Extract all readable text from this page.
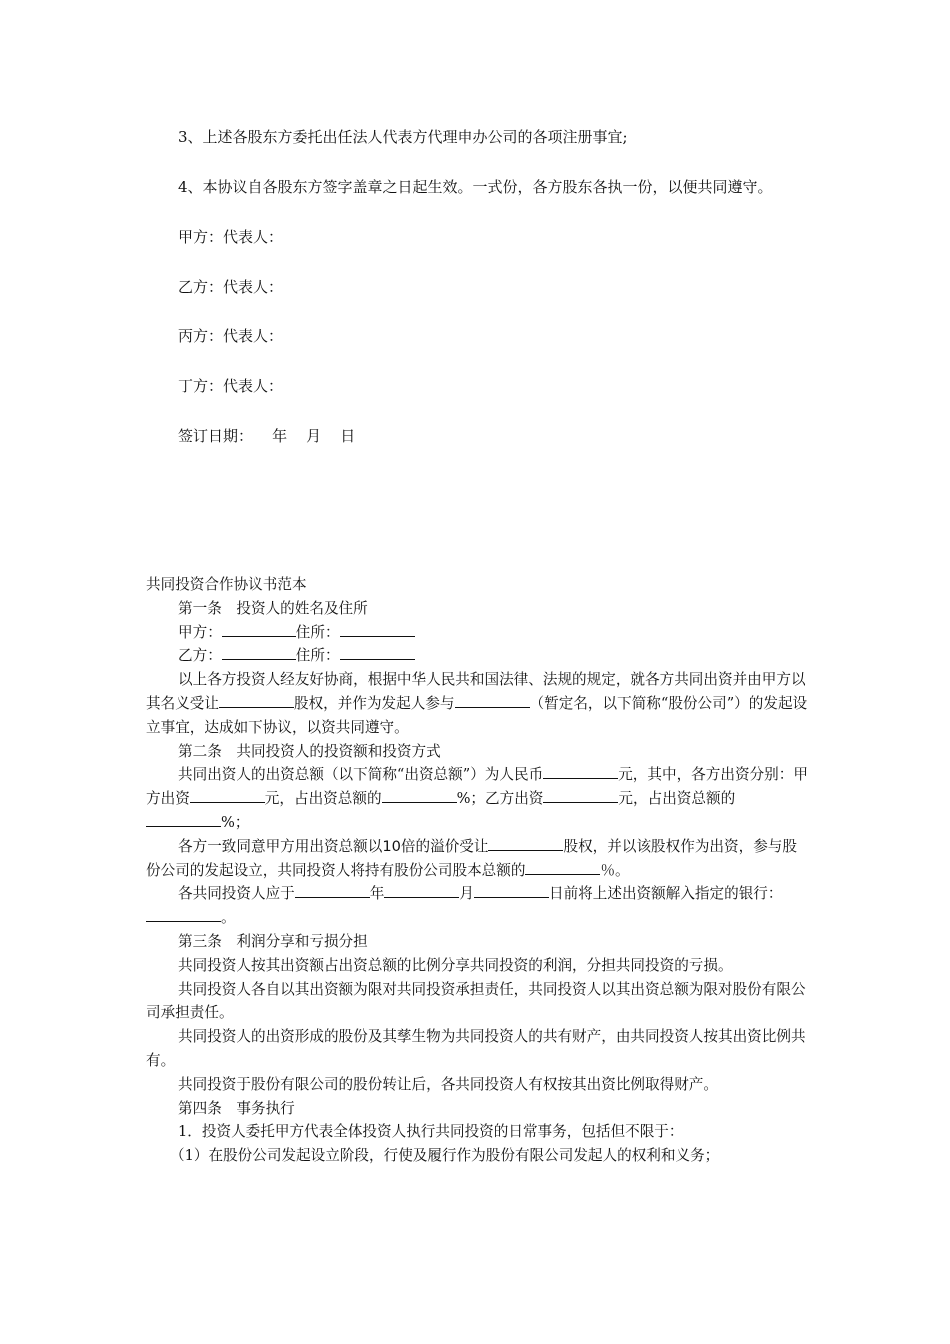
3、上述各股东方委托出任法人代表方代理申办公司的各项注册事宜;

4、本协议自各股东方签字盖章之日起生效。一式份，各方股东各执一份，以便共同遵守。

甲方：代表人：

乙方：代表人：

丙方：代表人：

丁方：代表人：

签订日期：    年    月    日

共同投资合作协议书范本

第一条　投资人的姓名及住所

甲方：	住所：

乙方：	住所：

以上各方投资人经友好协商，根据中华人民共和国法律、法规的规定，就各方共同出资并由甲方以其名义受让	股权，并作为发起人参与	（暂定名，以下简称“股份公司”）的发起设立事宜，达成如下协议，以资共同遵守。

第二条　共同投资人的投资额和投资方式

共同出资人的出资总额（以下简称“出资总额”）为人民币	元，其中，各方出资分别：甲方出资	元，占出资总额的	%；乙方出资	元，占出资总额的%；

各方一致同意甲方用出资总额以10倍的溢价受让	股权，并以该股权作为出资，参与股份公司的发起设立，共同投资人将持有股份公司股本总额的	％。

各共同投资人应于	年	月	日前将上述出资额解入指定的银行：。

第三条　利润分享和亏损分担

共同投资人按其出资额占出资总额的比例分享共同投资的利润，分担共同投资的亏损。

共同投资人各自以其出资额为限对共同投资承担责任，共同投资人以其出资总额为限对股份有限公司承担责任。

共同投资人的出资形成的股份及其孳生物为共同投资人的共有财产，由共同投资人按其出资比例共有。

共同投资于股份有限公司的股份转让后，各共同投资人有权按其出资比例取得财产。

第四条　事务执行

1．投资人委托甲方代表全体投资人执行共同投资的日常事务，包括但不限于：

（1）在股份公司发起设立阶段，行使及履行作为股份有限公司发起人的权利和义务；
